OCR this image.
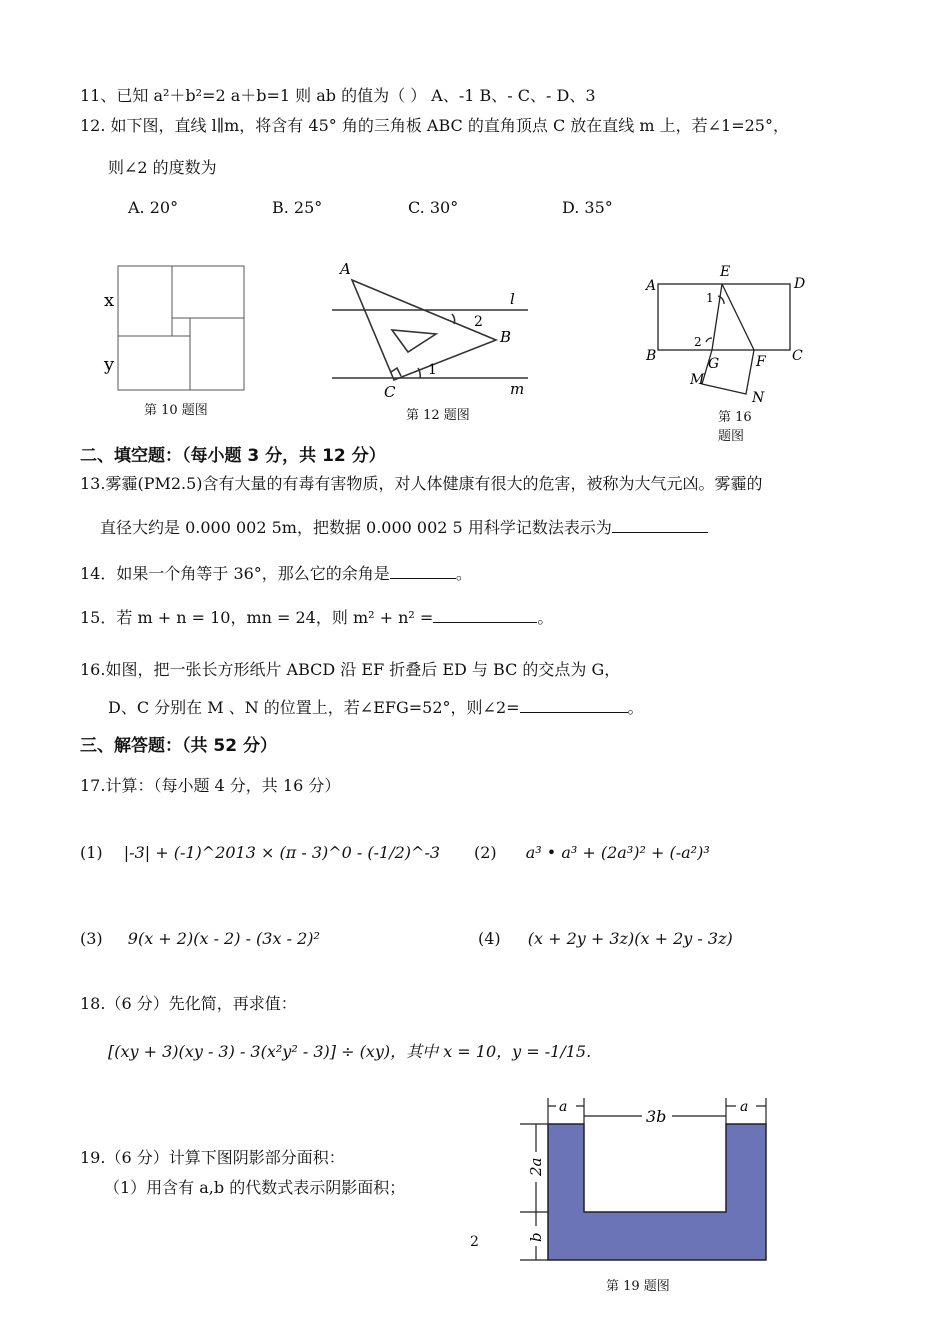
11、已知 a²＋b²=2 a＋b=1 则 ab 的值为（ ） A、-1 B、- C、- D、3
12. 如下图，直线 l∥m，将含有 45° 角的三角板 ABC 的直角顶点 C 放在直线 m 上，若∠1=25°，
则∠2 的度数为
A. 20°	B. 25°	C. 30°	D. 35°
x
y
第 10 题图
A
B
C
l
m
2
1
第 12 题图
A
E
D
B	G	F C
M
N
1
2
第 16
题图
二、填空题：（每小题 3 分，共 12 分）
13.雾霾(PM2.5)含有大量的有毒有害物质，对人体健康有很大的危害，被称为大气元凶。雾霾的
直径大约是 0.000 002 5m，把数据 0.000 002 5 用科学记数法表示为
14．如果一个角等于 36°，那么它的余角是	。
15．若 m + n = 10，mn = 24，则 m² + n² =	。
16.如图，把一张长方形纸片 ABCD 沿 EF 折叠后 ED 与 BC 的交点为 G，
D、C 分别在 M 、N 的位置上，若∠EFG=52°，则∠2=	。
三、解答题：（共 52 分）
17.计算：（每小题 4 分，共 16 分）
(1) |-3| + (-1)^2013 × (π - 3)^0 - (-1/2)^-3 (2) a³ • a³ + (2a³)² + (-a²)³
(3) 9(x + 2)(x - 2) - (3x - 2)²	(4) (x + 2y + 3z)(x + 2y - 3z)
18.（6 分）先化简，再求值：
[(xy + 3)(xy - 3) - 3(x²y² - 3)] ÷ (xy)，其中 x = 10，y = -1/15.
19.（6 分）计算下图阴影部分面积：
（1）用含有 a,b 的代数式表示阴影面积；
a	3b	a
2a
b
第 19 题图
2
